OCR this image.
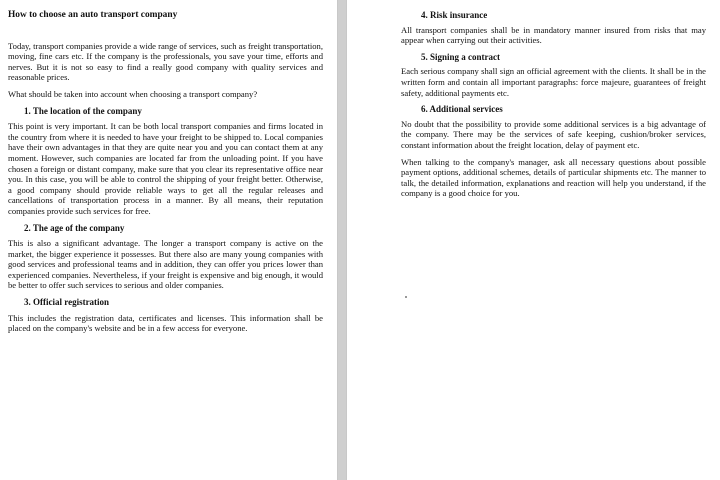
How to choose an auto transport company

Today, transport companies provide a wide range of services, such as freight transportation, moving, fine cars etc. If the company is the professionals, you save your time, efforts and nerves. But it is not so easy to find a really good company with quality services and reasonable prices.

What should be taken into account when choosing a transport company?

1. The location of the company

This point is very important. It can be both local transport companies and firms located in the country from where it is needed to have your freight to be shipped to. Local companies have their own advantages in that they are quite near you and you can contact them at any moment. However, such companies are located far from the unloading point. If you have chosen a foreign or distant company, make sure that you clear its representative office near you. In this case, you will be able to control the shipping of your freight better. Otherwise, a good company should provide reliable ways to get all the regular releases and cancellations of transportation process in a manner. By all means, their reputation companies provide such services for free.

2. The age of the company

This is also a significant advantage. The longer a transport company is active on the market, the bigger experience it possesses. But there also are many young companies with good services and professional teams and in addition, they can offer you prices lower than experienced companies. Nevertheless, if your freight is expensive and big enough, it would be better to offer such services to serious and older companies.

3. Official registration

This includes the registration data, certificates and licenses. This information shall be placed on the company's website and be in a few access for everyone.

4. Risk insurance

All transport companies shall be in mandatory manner insured from risks that may appear when carrying out their activities.

5. Signing a contract

Each serious company shall sign an official agreement with the clients. It shall be in the written form and contain all important paragraphs: force majeure, guarantees of freight safety, additional payments etc.

6. Additional services

No doubt that the possibility to provide some additional services is a big advantage of the company. There may be the services of safe keeping, cushion/broker services, constant information about the freight location, delay of payment etc.

When talking to the company's manager, ask all necessary questions about possible payment options, additional schemes, details of particular shipments etc. The manner to talk, the detailed information, explanations and reaction will help you understand, if the company is a good choice for you.
